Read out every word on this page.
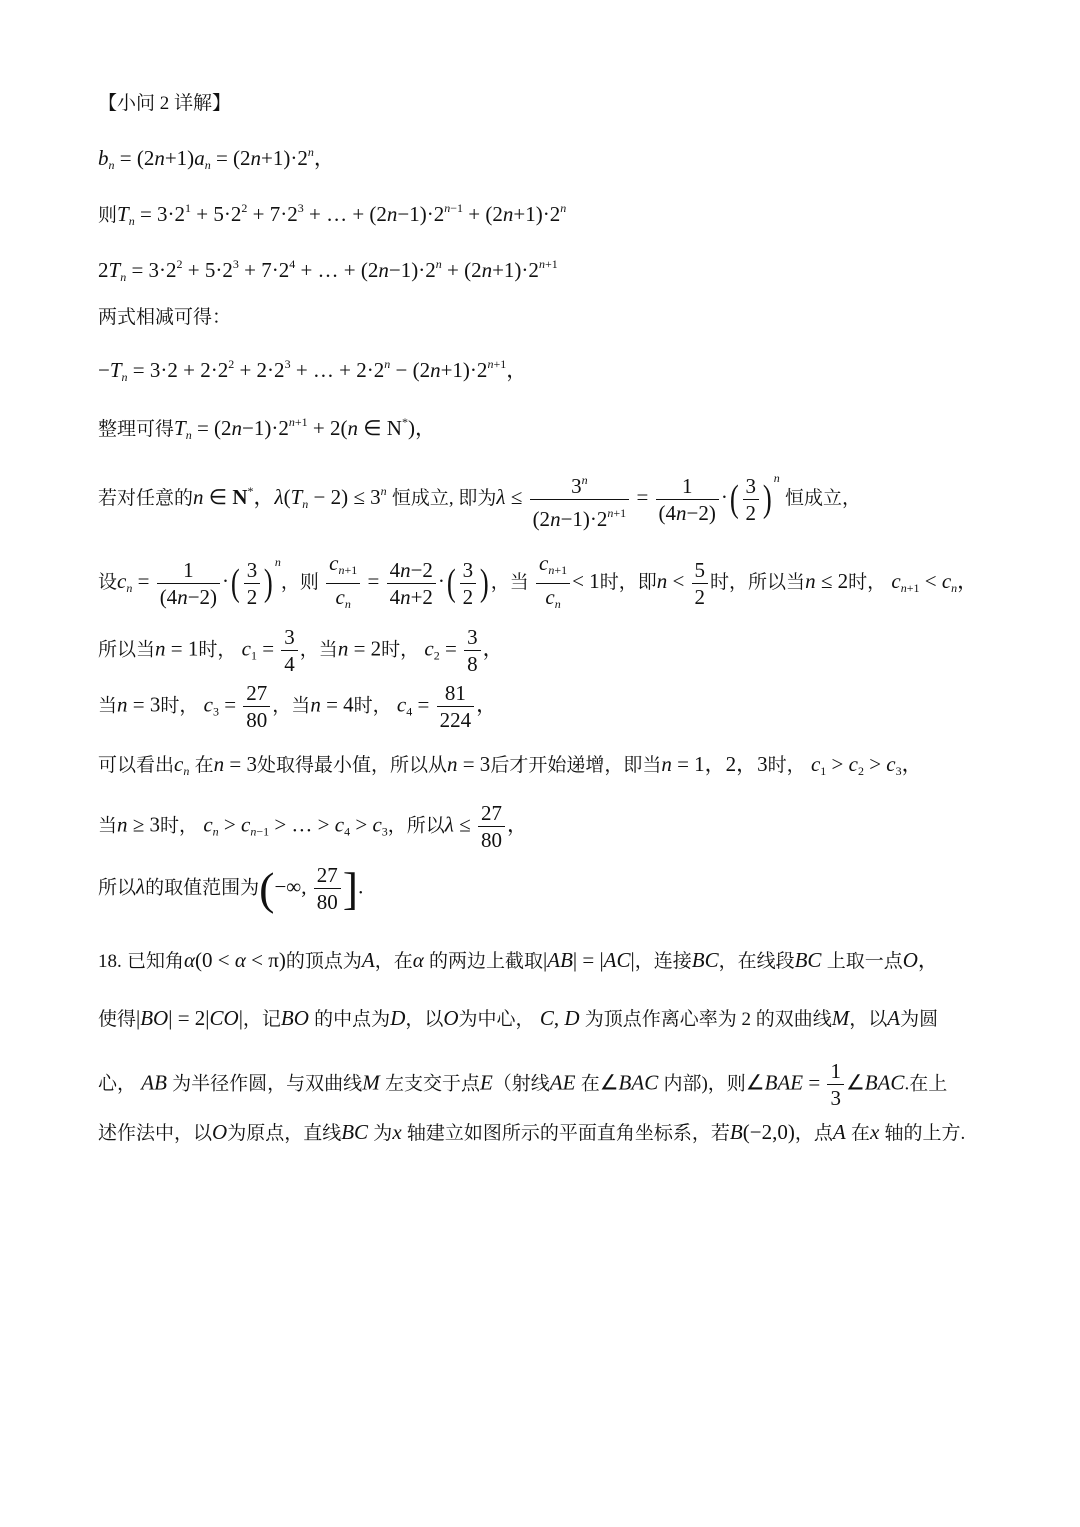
【小问 2 详解】
$b_n = (2n+1)a_n = (2n+1)\cdot 2^n$，
则$T_n = 3\cdot 2^1 + 5\cdot 2^2 + 7\cdot 2^3$ + … + $(2n-1)\cdot 2^{n-1} + (2n+1)\cdot 2^n$
$2T_n = 3\cdot 2^2 + 5\cdot 2^3 + 7\cdot 2^4$ + … + $(2n-1)\cdot 2^n + (2n+1)\cdot 2^{n+1}$
两式相减可得：
$-T_n = 3\cdot 2 + 2\cdot 2^2 + 2\cdot 2^3$ + … + $2\cdot 2^n - (2n+1)\cdot 2^{n+1}$，
整理可得$T_n = (2n-1)\cdot 2^{n+1} + 2(n$ ∈ N*)，
若对任意的n ∈ N*，$\lambda(T_n - 2) \le 3^n$ 恒成立, 即为$\lambda \le \frac{3^n}{(2n-1)\cdot 2^{n+1}} = \frac{1}{(4n-2)}$ ·( $\frac{3}{2} )^n$ 恒成立，
设$c_n = \frac{1}{(4n-2)}$ ·( $\frac{3}{2} )^n$，则 $\frac{c_{n+1}}{c_n} = \frac{4n-2}{4n+2}$ ·( $\frac{3}{2}$ )，当 $\frac{c_{n+1}}{c_n} < 1$时，即$n < \frac{5}{2}$ 时，所以当n ≤ 2时， $c_{n+1} < c_n$，
所以当n = 1时， $c_1 = \frac{3}{4}$ ，当n = 2时， $c_2 = \frac{3}{8}$ ，
当n = 3时， $c_3 = \frac{27}{80}$ ，当n = 4时， $c_4 = \frac{81}{224}$ ，
可以看出$c_n$ 在n = 3处取得最小值，所以从n = 3后才开始递增，即当n = 1，2，3时， $c_1 > c_2 > c_3$，
当n ≥ 3时， $c_n > c_{n-1}$ > … > $c_4 > c_3$，所以$\lambda \le \frac{27}{80}$ ，
所以λ的取值范围为(−∞, $\frac{27}{80}$ ].
18. 已知角α(0 < α < π)的顶点为A，在α 的两边上截取|AB| = |AC|，连接BC，在线段BC 上取一点O，
使得|BO| = 2|CO|，记BO 的中点为D，以O为中心， C, D 为顶点作离心率为 2 的双曲线M，以A为圆
心， AB 为半径作圆，与双曲线M 左支交于点E（射线AE 在∠BAC 内部)，则∠BAE = $\frac{1}{3}$ ∠BAC.在上
述作法中，以O为原点，直线BC 为x 轴建立如图所示的平面直角坐标系，若B(−2,0)，点A 在x 轴的上方.
